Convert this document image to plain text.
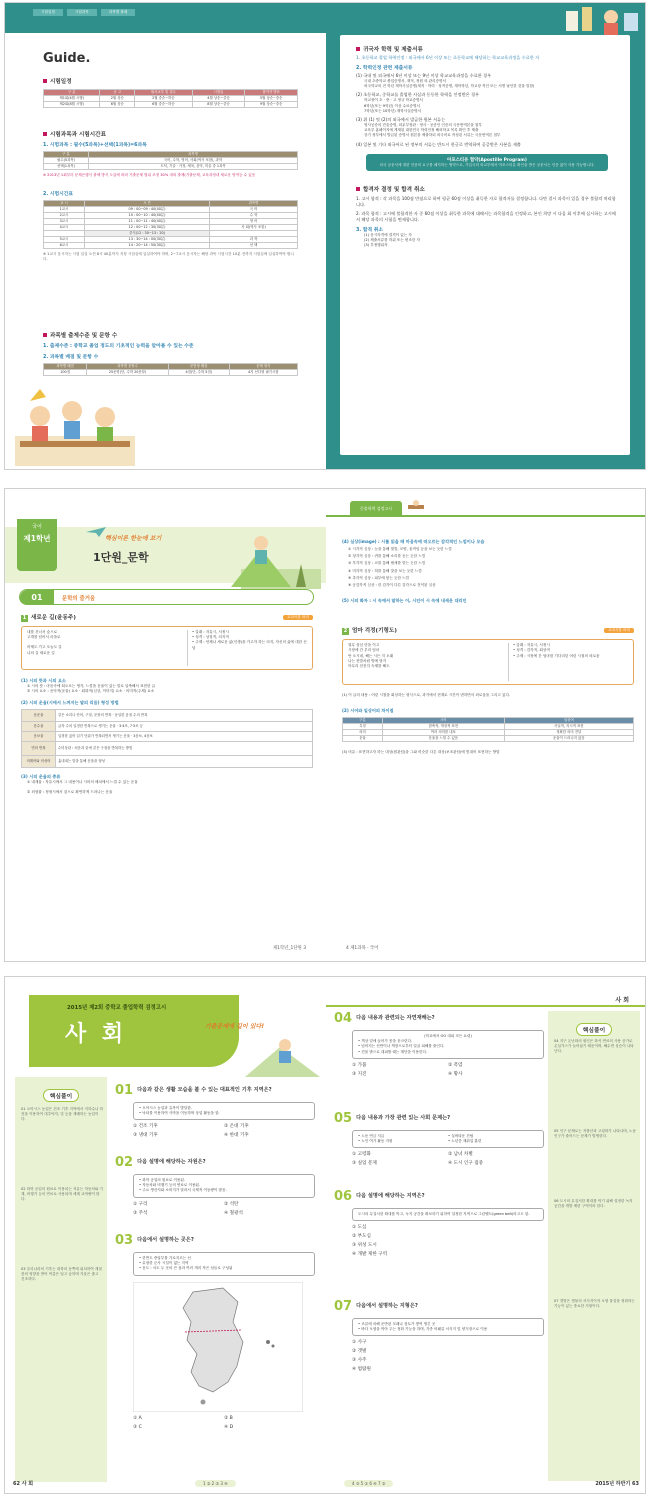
시험일정	시험과목	과목별 출제
Guide.
시험일정
구 분	공 고	원서교부 및 접수	시험일	합격자 발표
제1회(4월 시행)	2월 상순	2월 중순~하순	4월 상순~중순	5월 상순~중순
제2회(8월 시행)	6월 상순	6월 중순~하순	8월 상순~중순	9월 상순~중순
시험과목과 시험시간표
1. 시험과목 : 필수(5과목)+선택(1과목)=6과목
구 분	과목명
필수(5과목)	국어, 수학, 영어, 사회(역사 포함), 과학
선택(1과목)	도덕, 기술 · 가정, 체육, 음악, 미술 중 1과목
※ 2013년 1회부터 문제은행식 출제 방식 도입에 따라 기출문제 범위 조정 30% 내외 출제(기출문제, 교육과정내 새로운 영역등 수 있음
2. 시험시간표
교 시	시 간	과목명
1교시	09 : 00~09 : 40(40분)	국 어
2교시	10 : 00~10 : 40(40분)	수 학
3교시	11 : 00~11 : 40(40분)	영 어
4교시	12 : 00~12 : 30(30분)	사 회(역사 포함)
	중식(12 : 30~13 : 20)	
5교시	13 : 30~14 : 00(30분)	과 학
6교시	14 : 20~14 : 50(30분)	선 택
※ 1교시 응시자는 시험 입실 오전 8시 40분까지 지정 시험실에 입실하여야 하며, 2~7교시 응시자는 해당 과목 시험시간 10분 전까지 시험실에 입실하여야 합니다.
과목별 출제수준 및 문항 수
1. 출제수준 : 중학교 졸업 정도의 기초적인 능력을 알아볼 수 있는 수준
2. 과목별 배점 및 문항 수
과목별 배점	과목별 문항수	문항당 배점	문제 형식
100점	25문항(단, 수학 20문항)	4점(단, 수학 5점)	4지 선다형 필기시험
귀국자 학력 및 제출서류
1. 초등학교 졸업 학력인정 : 외국에서 6년 이상 또는 초등학교에 해당하는 학교교육과정을 수료한 자
2. 학력인정 관련 제출서류
(1) 국내 및 외국에서 6년 이상 또는 9년 이상 학교교육과정을 수료한 경우
국내 초중학교 졸업증명서, 재적, 정원 외 관리증명서
외국학교의 전 학년 재학사실증명(재적 · 학력 · 성적증명, 재학학년, 학교장 직인 또는 서명 날인한 것을 말함)
(2) 초등학교, 중학교를 졸업한 사실과 동등한 학력을 인정받은 경우
학교장이 초 · 중 · 고 정규 학교증명서
6학년(또는 9학년) 이상 수료증명서
7학년(또는 10학년) 재학사실증명서
(3) 위 (1) 및 (2)의 외국에서 발급한 원본 서류는
영사공증의 진술증명, 외무부장관 · 영사 · 공증인 인증의 국문번역본을 첨부
교육부 홈페이지에 게재된 대한민국 학력인정 해외학교 목록 확인 후 제출
상기 정부에서 발급된 증명서 원본을 제출하되 외국어로 작성된 서류는 국문번역본 첨부
(4) 일본 및 기타 외국어로 된 정부의 서류는 반드시 한글로 번역하여 공증받은 사본을 제출
아포스티유 협약(Apostille Program)
외국 공문서에 대한 인증의 요구를 폐지하는 협약으로, 가입국의 외교부에서 아포스티유 확인을 받은 공문서는 인증 없이 사용 가능합니다.
합격자 결정 및 합격 취소
1. 고시 합격 : 각 과목을 100점 만점으로 하여 평균 60점 이상을 취득한 자로 합격자를 결정합니다. 다만 결시 과목이 있을 경우 불합격 처리합니다.
2. 과목 합격 : 고시에 불합격한 자 중 60점 이상을 취득한 과목에 대해서는 과목합격을 인정하고, 본인 희망 시 다음 회 이후에 실시하는 고시에서 해당 과목의 시험을 면제합니다.
3. 합격 취소
(1) 응시자격에 결격이 있는 자
(2) 제출서류를 허위 또는 변조한 자
(3) 부정행위자
국어
제1학년	핵심이론 한눈에 보기
1단원_문학
01	문학의 즐거움
1 새로운 길(윤동주)	교과서를 펴라
내를 건너서 숲으로
고개를 넘어서 마을로
어제도 가고 오늘도 갈
나의 길 새로운 길
• 갈래 : 자유시, 서정시
• 성격 : 상징적, 의지적
• 주제 : 언제나 새로운 삶(인생)을 가고자 하는 의지, 자신의 삶에 대한 신념
(1) 시의 뜻과 시의 요소
① 시의 뜻 : 마음속에 떠오르는 생각, 느낌을 운율이 있는 말로 압축해서 표현한 글
② 시의 요소 : 음악적(운율) 요소 · 회화적(심상, 이미지) 요소 · 의미적(주제) 요소
(2) 시의 운율(시에서 느껴지는 말의 리듬) 형성 방법
음운율	같은 소리나 단어, 구절, 문장의 반복 · 동일한 음절 수의 반복
음수율	글자 수의 일정한 반복으로 생기는 운율 · 3·4조, 7·5조 등
음보율	일정한 끊어 읽기 단위가 반복되면서 생기는 운율 · 3음보, 4음보
연의 반복	수미상관 : 처음과 끝에 같은 구절을 반복하는 방법
의태어와 의성어	흉내내는 말을 통해 운율을 형성
(3) 시의 운율의 종류
① 내재율 : 자유시에서 그 내용이나 시어의 배치에서 느낄 수 있는 운율
② 외형률 : 정형시에서 겉으로 확연하게 드러나는 운율
제1학년_1단원 3
중졸학력 검정고시
(4) 심상(image) : 시를 읽을 때 마음속에 떠오르는 감각적인 느낌이나 모습
① 시각적 심상 : 눈을 통해 빛깔, 모양, 움직임 등을 보는 듯한 느낌
② 청각적 심상 : 귀를 통해 소리를 듣는 듯한 느낌
③ 후각적 심상 : 코를 통해 냄새를 맡는 듯한 느낌
④ 미각적 심상 : 혀를 통해 맛을 보는 듯한 느낌
⑤ 촉각적 심상 : 피부에 닿는 듯한 느낌
⑥ 공감각적 심상 : 한 감각이 다른 감각으로 전이된 심상
(5) 시의 화자 : 시 속에서 말하는 이, 시인이 시 속에 내세운 대리인
2 엄마 걱정(기형도)	교과서를 펴라
열무 삼십 단을 이고
시장에 간 우리 엄마
안 오시네, 해는 시든 지 오래
나는 찬밥처럼 방에 담겨
아무리 천천히 숙제를 해도
• 갈래 : 자유시, 서정시
• 성격 : 감각적, 회상적
• 주제 : 시장에 간 엄마를 기다리던 어린 시절의 외로움
(1) 이 글의 내용 : 어린 시절을 회상하는 형식으로, 과거에서 현재로 시간이 변하면서 외로움을 그리고 있다.
(2) 시어와 일상어의 차이점
구분	시어	일상어
특징	함축적, 개성적 표현	사실적, 지시적 표현
의미	여러 의미를 내포	정확한 의미 전달
운율	운율을 느낄 수 있음	운율이 드러나지 않음
(3) 비유 : 표현하고자 하는 대상(원관념)을 그와 비슷한 다른 대상(보조관념)에 빗대어 표현하는 방법
4 제1과목 · 국어
2015년 제2회 중학교 졸업학력 검정고시
사 회	기출문제에 길이 있다!
핵심풀이
01 오아시스 농업은 건조 기후 지역에서 지하수나 하천을 이용하여 대추야자, 밀 등을 재배하는 농업이다.
02 화학 공업의 원료로 이용되는 석유는 자동차와 기계, 비행기 등의 연료로 사용되며 세계 교역량이 많다.
03 우리나라의 기후는 대륙의 동쪽에 위치하여 계절풍의 영향을 받아 여름은 덥고 습하며 겨울은 춥고 건조하다.
01 다음과 같은 생활 모습을 볼 수 있는 대표적인 기후 지역은?
• 오아시스 농업과 유목이 발달함.
• 낙타를 이용하여 사막을 이동하며 상업 활동을 함.
① 건조 기후	② 온대 기후
③ 냉대 기후	④ 한대 기후
02 다음 설명에 해당하는 자원은?
• 화학 공업의 원료로 이용됨.
• 자동차와 비행기 등의 연료로 이용됨.
• 주요 생산지와 소비지가 달라서 국제적 이동량이 많음.
① 구리	② 석탄
③ 주석	④ 철광석
03 다음에서 설명하는 곳은?
• 한반도 중앙부를 가로지르는 선
• 무장한 군사 시설이 없는 지역
• 동도 : 서도 두 곳의 큰 섬과 여러 개의 작은 섬들로 구성됨
① A	② B
③ C	④ D
62 사 회	1 ② 2 ③ 3 ④
사 회
04 다음 내용과 관련되는 자연재해는?
(학교에서 OO 대피 모든 요령)
• 책상 밑에 들어가 몸을 웅크린다.
• 넘어지는 선반이나 책장으로부터 얼굴 피해를 줄인다.
• 건물 밖으로 대피할 때는 계단을 이용한다.
① 가뭄	② 폭염
③ 지진	④ 황사
05 다음 내용과 가장 관련 있는 사회 문제는?
• 노동 연금 지급	• 실버타운 건립
• 노인 여가 활동 지원	• 노년층 재취업 훈련
① 고령화	② 남녀 차별
③ 실업 문제	④ 도시 인구 집중
06 다음 설명에 해당하는 지역은?
도시의 무질서한 확대를 막고, 녹지 공간을 확보하기 위하여 설정한 지역으로 그린벨트(green belt)라고도 함.
① 도심
② 부도심
③ 위성 도시
④ 개발 제한 구역
07 다음에서 설명하는 지형은?
• 조류에 의해 운반된 모래나 점토가 쌓여 생긴 곳
• 바다 오염을 막아 주는 정화 기능을 하며, 각종 어패류 서식지 및 양식장으로 이용
① 사구
② 갯벌
③ 사주
④ 범람원
핵심풀이
04 지구 온난화의 원인은 화석 연료의 사용 증가로 온실가스가 늘어났기 때문이며, 해수면 상승이 나타난다.
05 인구 문제로는 저출산과 고령화가 나타나며, 노동 인구가 줄어드는 문제가 발생한다.
06 도시의 무질서한 확대를 막기 위해 설정한 녹지 공간을 개발 제한 구역이라 한다.
07 갯벌은 생물의 서식지이자 오염 물질을 정화하는 기능이 있는 중요한 지형이다.
4 ③ 5 ① 6 ④ 7 ②	2015년 하반기 63
